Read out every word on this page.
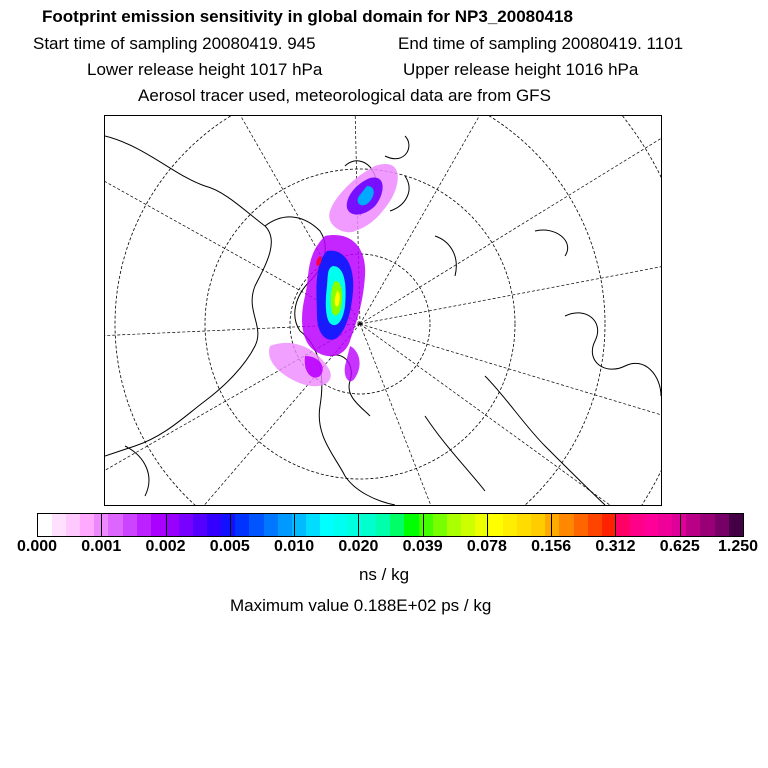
Footprint emission sensitivity in global domain for NP3_20080418
Start time of sampling 20080419. 945	End time of sampling 20080419. 1101
Lower release height 1017 hPa	Upper release height 1016 hPa
Aerosol tracer used, meteorological data are from GFS
0.000 0.001 0.002 0.005 0.010 0.020 0.039 0.078 0.156 0.312 0.625 1.250
ns / kg
Maximum value 0.188E+02 ps / kg
